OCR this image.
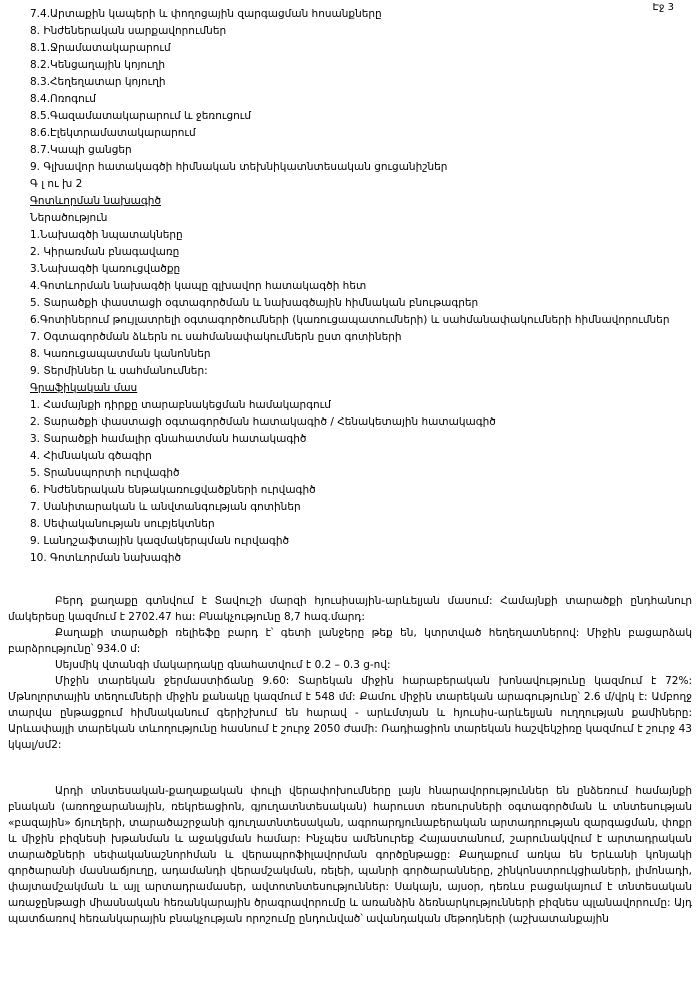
Էջ 3
7.4.Արտաքին կապերի և փողոցային զարգացման հոսանքները
8. Ինժեներական սարքավորումներ
8.1.Ջրամատակարարում
8.2.Կենցաղային կոյուղի
8.3.Հեղեղատար կոյուղի
8.4.Ոռոգում
8.5.Գազամատակարարում և ջեռուցում
8.6.Էլեկտրամատակարարում
8.7.Կապի ցանցեր
9. Գլխավոր հատակագծի հիմնական տեխնիկատնտեսական ցուցանիշներ
Գ լ ու խ 2
Գոտևորման նախագիծ
Ներածություն
1.Նախագծի նպատակները
2. Կիրառման բնագավառը
3.Նախագծի կառուցվածքը
4.Գոտևորման նախագծի կապը գլխավոր հատակագծի հետ
5. Տարածքի փաստացի օգտագործման և նախագծային հիմնական բնութագրեր
6.Գոտիներում թույլատրելի օգտագործումների (կառուցապատումների) և սահմանափակումների հիմնավորումներ
7. Օգտագործման ձևերն ու սահմանափակումներն ըստ գոտիների
8. Կառուցապատման կանոններ
9. Տերմիններ և սահմանումներ:
Գրաֆիկական մաս
1. Համայնքի դիրքը տարաբնակեցման համակարգում
2. Տարածքի փաստացի օգտագործման հատակագիծ / Հենակետային հատակագիծ
3. Տարածքի համալիր գնահատման հատակագիծ
4. Հիմնական գծագիր
5. Տրանսպորտի ուրվագիծ
6. Ինժեներական ենթակառուցվածքների ուրվագիծ
7. Սանիտարական և անվտանգության գոտիներ
8. Սեփականության սուբյեկտներ
9. Լանդշաֆտային կազմակերպման ուրվագիծ
10. Գոտևորման նախագիծ

Բերդ քաղաքը գտնվում է Տավուշի մարզի հյուսիսային-արևելյան մասում: Համայնքի տարածքի ընդհանուր մակերեսը կազմում է 2702.47 հա: Բնակչությունը 8,7 հազ.մարդ:

Քաղաքի տարածքի ռելիեֆը բարդ է՝ գետի լանջերը թեք են, կտրտված հեղեղատներով: Միջին բացարձակ բարձրությունը՝ 934.0 մ:

Սեյսմիկ վտանգի մակարդակը գնահատվում է 0.2 – 0.3 g-ով:

Միջին տարեկան ջերմաստիճանը 9.60: Տարեկան միջին հարաբերական խոնավությունը կազմում է 72%: Մթնոլորտային տեղումների միջին քանակը կազմում է 548 մմ: Քամու միջին տարեկան արագությունը՝ 2.6 մ/վրկ է: Ամբողջ տարվա ընթացքում հիմնականում գերիշխում են հարավ - արևմտյան և հյուսիս-արևելյան ուղղության քամիները: Արևափայլի տարեկան տևողությունը հասնում է շուրջ 2050 ժամի: Ռադիացիոն տարեկան հաշվեկշիռը կազմում է շուրջ 43 կկալ/սմ2:

Արդի տնտեսական-քաղաքական փուլի վերափոխումները լայն հնարավորություններ են ընձեռում համայնքի բնական (առողջարանային, ռեկրեացիոն, գյուղատնտեսական) հարուստ ռեսուրսների օգտագործման և տնտեսության «բազային» ճյուղերի, տարածաշրջանի գյուղատնտեսական, ագրոարդյունաբերական արտադրության զարգացման, փոքր և միջին բիզնեսի խթանման և աջակցման համար: Ինչպես ամենուրեք Հայաստանում, շարունակվում է արտադրական տարածքների սեփականաշնորհման և վերապրոֆիլավորման գործընթացը: Քաղաքում առկա են Երևանի կոնյակի գործարանի մասնաճյուղը, ադամանդի վերամշակման, ռելեի, պանրի գործարանները, շինկոնստրուկցիաների, լիմոնադի, փայտամշակման և այլ արտադրամասեր, ավտոտնտեսություններ: Սակայն, այսօր, դեռևս բացակայում է տնտեսական առաջընթացի միասնական հեռանկարային ծրագրավորումը և առանձին ձեռնարկությունների բիզնես պլանավորումը: Այդ պատճառով հեռանկարային բնակչության որոշումը ընդունված՝ ավանդական մեթոդների (աշխատանքային
